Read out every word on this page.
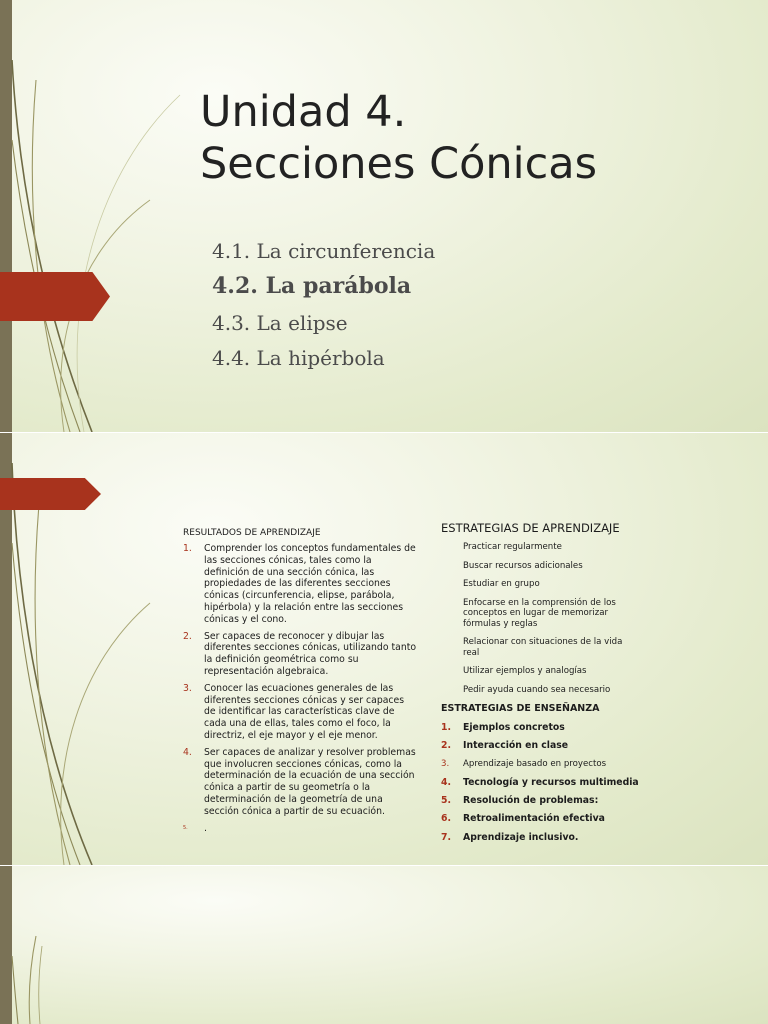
Unidad 4.
Secciones Cónicas
4.1. La circunferencia
4.2. La parábola
4.3. La elipse
4.4. La hipérbola
RESULTADOS DE APRENDIZAJE
1. Comprender los conceptos fundamentales de las secciones cónicas, tales como la definición de una sección cónica, las propiedades de las diferentes secciones cónicas (circunferencia, elipse, parábola, hipérbola) y la relación entre las secciones cónicas y el cono.
2. Ser capaces de reconocer y dibujar las diferentes secciones cónicas, utilizando tanto la definición geométrica como su representación algebraica.
3. Conocer las ecuaciones generales de las diferentes secciones cónicas y ser capaces de identificar las características clave de cada una de ellas, tales como el foco, la directriz, el eje mayor y el eje menor.
4. Ser capaces de analizar y resolver problemas que involucren secciones cónicas, como la determinación de la ecuación de una sección cónica a partir de su geometría o la determinación de la geometría de una sección cónica a partir de su ecuación.
5. .
ESTRATEGIAS DE APRENDIZAJE
Practicar regularmente
Buscar recursos adicionales
Estudiar en grupo
Enfocarse en la comprensión de los conceptos en lugar de memorizar fórmulas y reglas
Relacionar con situaciones de la vida real
Utilizar ejemplos y analogías
Pedir ayuda cuando sea necesario
ESTRATEGIAS DE ENSEÑANZA
1. Ejemplos concretos
2. Interacción en clase
3. Aprendizaje basado en proyectos
4. Tecnología y recursos multimedia
5. Resolución de problemas:
6. Retroalimentación efectiva
7. Aprendizaje inclusivo.
